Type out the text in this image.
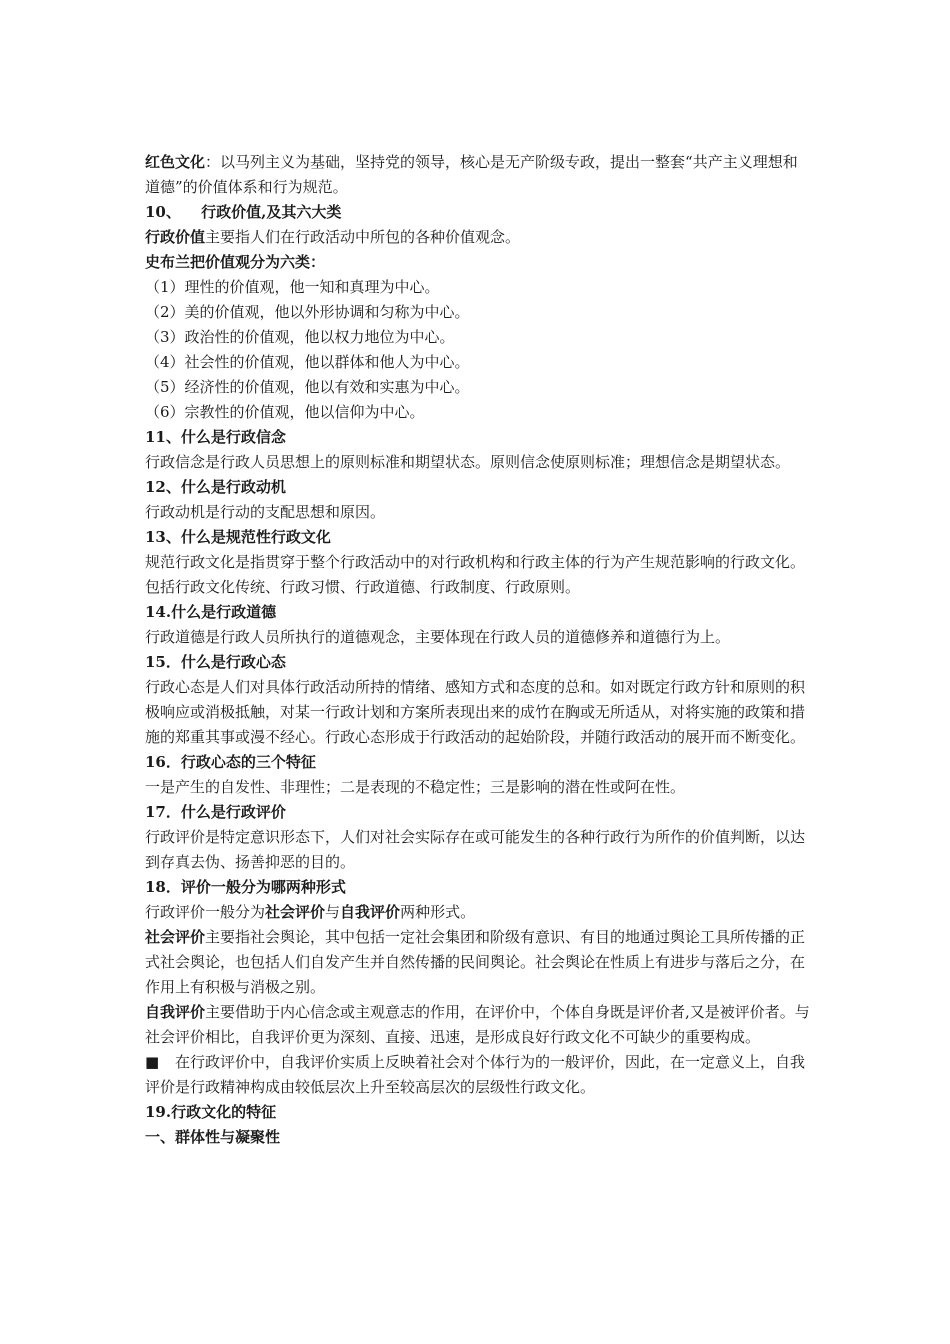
红色文化：以马列主义为基础，坚持党的领导，核心是无产阶级专政，提出一整套“共产主义理想和道德”的价值体系和行为规范。

10、 　行政价值,及其六大类

行政价值主要指人们在行政活动中所包的各种价值观念。

史布兰把价值观分为六类：

（1）理性的价值观，他一知和真理为中心。

（2）美的价值观，他以外形协调和匀称为中心。

（3）政治性的价值观，他以权力地位为中心。

（4）社会性的价值观，他以群体和他人为中心。

（5）经济性的价值观，他以有效和实惠为中心。

（6）宗教性的价值观，他以信仰为中心。

11、什么是行政信念

行政信念是行政人员思想上的原则标准和期望状态。原则信念使原则标准；理想信念是期望状态。

12、什么是行政动机

行政动机是行动的支配思想和原因。

13、什么是规范性行政文化

规范行政文化是指贯穿于整个行政活动中的对行政机构和行政主体的行为产生规范影响的行政文化。包括行政文化传统、行政习惯、行政道德、行政制度、行政原则。

14.什么是行政道德

行政道德是行政人员所执行的道德观念，主要体现在行政人员的道德修养和道德行为上。

15．什么是行政心态

行政心态是人们对具体行政活动所持的情绪、感知方式和态度的总和。如对既定行政方针和原则的积极响应或消极抵触，对某一行政计划和方案所表现出来的成竹在胸或无所适从，对将实施的政策和措施的郑重其事或漫不经心。行政心态形成于行政活动的起始阶段，并随行政活动的展开而不断变化。

16．行政心态的三个特征

一是产生的自发性、非理性；二是表现的不稳定性；三是影响的潜在性或阿在性。

17．什么是行政评价

行政评价是特定意识形态下，人们对社会实际存在或可能发生的各种行政行为所作的价值判断，以达到存真去伪、扬善抑恶的目的。

18．评价一般分为哪两种形式

行政评价一般分为社会评价与自我评价两种形式。

社会评价主要指社会舆论，其中包括一定社会集团和阶级有意识、有目的地通过舆论工具所传播的正式社会舆论，也包括人们自发产生并自然传播的民间舆论。社会舆论在性质上有进步与落后之分，在作用上有积极与消极之别。

自我评价主要借助于内心信念或主观意志的作用，在评价中，个体自身既是评价者,又是被评价者。与社会评价相比，自我评价更为深刻、直接、迅速，是形成良好行政文化不可缺少的重要构成。

■ 在行政评价中，自我评价实质上反映着社会对个体行为的一般评价，因此，在一定意义上，自我评价是行政精神构成由较低层次上升至较高层次的层级性行政文化。

19.行政文化的特征

一、群体性与凝聚性
